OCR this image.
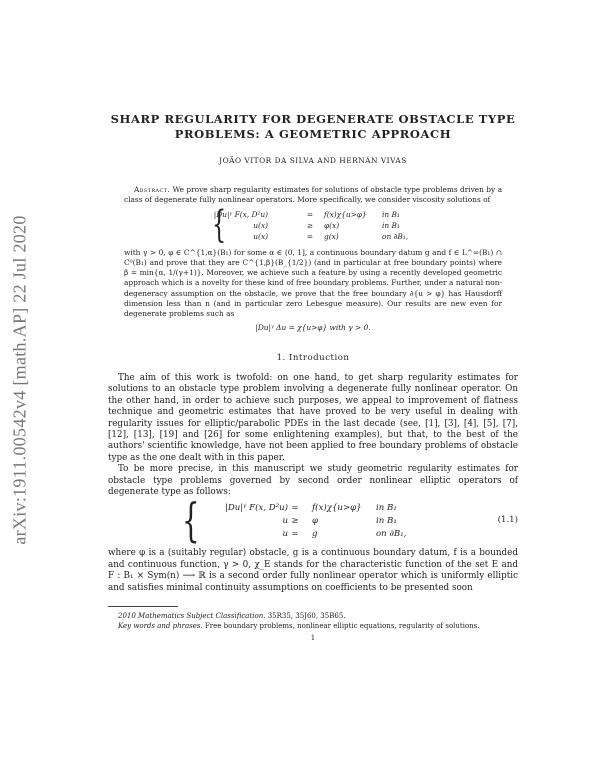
arXiv:1911.00542v4 [math.AP] 22 Jul 2020
SHARP REGULARITY FOR DEGENERATE OBSTACLE TYPE
PROBLEMS: A GEOMETRIC APPROACH
JOÃO VITOR DA SILVA AND HERNÁN VIVAS

Abstract. We prove sharp regularity estimates for solutions of obstacle type problems driven by a class of degenerate fully nonlinear operators. More specifically, we consider viscosity solutions of

{
|Du|ᵞ F(x, D²u)	=	f(x)χ{u>φ} in B₁
u(x)	≥	φ(x)	in B₁
u(x)	=	g(x)	on ∂B₁,

with γ > 0, φ ∈ C^{1,α}(B₁) for some α ∈ (0, 1], a continuous boundary datum g and f ∈ L^∞(B₁) ∩ C⁰(B₁) and prove that they are C^{1,β}(B_{1/2}) (and in particular at free boundary points) where β = min{α, 1/(γ+1)}. Moreover, we achieve such a feature by using a recently developed geometric approach which is a novelty for these kind of free boundary problems. Further, under a natural non-degeneracy assumption on the obstacle, we prove that the free boundary ∂{u > φ} has Hausdorff dimension less than n (and in particular zero Lebesgue measure). Our results are new even for degenerate problems such as

|Du|ᵞ Δu = χ{u>φ} with γ > 0.
1. Introduction

The aim of this work is twofold: on one hand, to get sharp regularity estimates for solutions to an obstacle type problem involving a degenerate fully nonlinear operator. On the other hand, in order to achieve such purposes, we appeal to improvement of flatness technique and geometric estimates that have proved to be very useful in dealing with regularity issues for elliptic/parabolic PDEs in the last decade (see, [1], [3], [4], [5], [7], [12], [13], [19] and [26] for some enlightening examples), but that, to the best of the authors' scientific knowledge, have not been applied to free boundary problems of obstacle type as the one dealt with in this paper.

To be more precise, in this manuscript we study geometric regularity estimates for obstacle type problems governed by second order nonlinear elliptic operators of degenerate type as follows:

{	|Du|ᵞ F(x, D²u) =	f(x)χ{u>φ} in B₁
u ≥	φ	in B₁
u =	g	on ∂B₁,
(1.1)

where φ is a (suitably regular) obstacle, g is a continuous boundary datum, f is a bounded and continuous function, γ > 0, χ_E stands for the characteristic function of the set E and F : B₁ × Sym(n) ⟶ ℝ is a second order fully nonlinear operator which is uniformly elliptic and satisfies minimal continuity assumptions on coefficients to be presented soon

2010 Mathematics Subject Classification. 35R35, 35J60, 35B65.

Key words and phrases. Free boundary problems, nonlinear elliptic equations, regularity of solutions.

1
